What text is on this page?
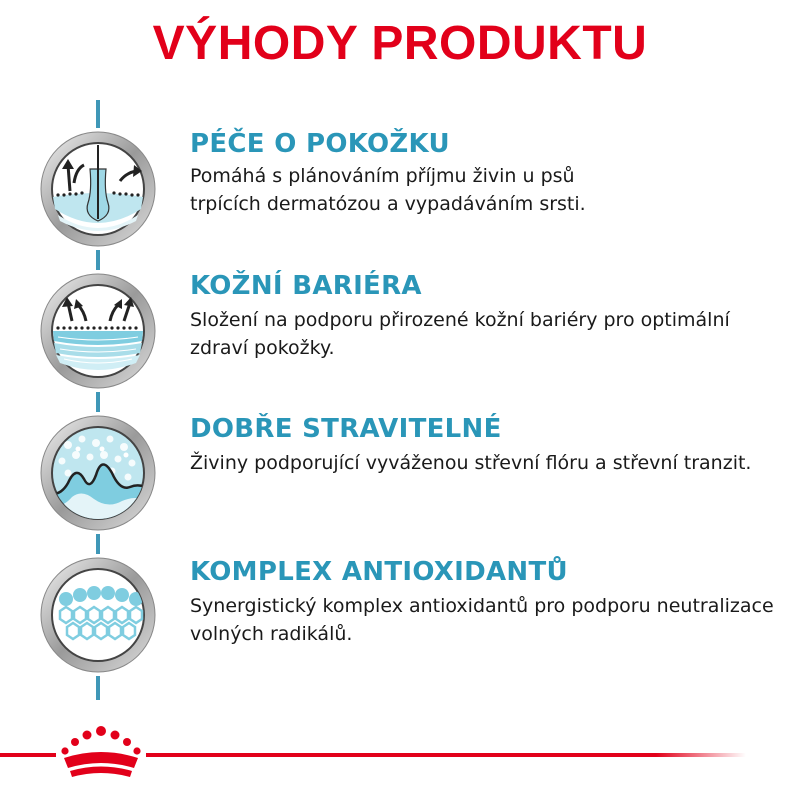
VÝHODY PRODUKTU
PÉČE O POKOŽKU

Pomáhá s plánováním příjmu živin u psů
trpících dermatózou a vypadáváním srsti.

KOŽNÍ BARIÉRA

Složení na podporu přirozené kožní bariéry pro optimální zdraví pokožky.

DOBŘE STRAVITELNÉ

Živiny podporující vyváženou střevní flóru a střevní tranzit.

KOMPLEX ANTIOXIDANTŮ

Synergistický komplex antioxidantů pro podporu neutralizace volných radikálů.
